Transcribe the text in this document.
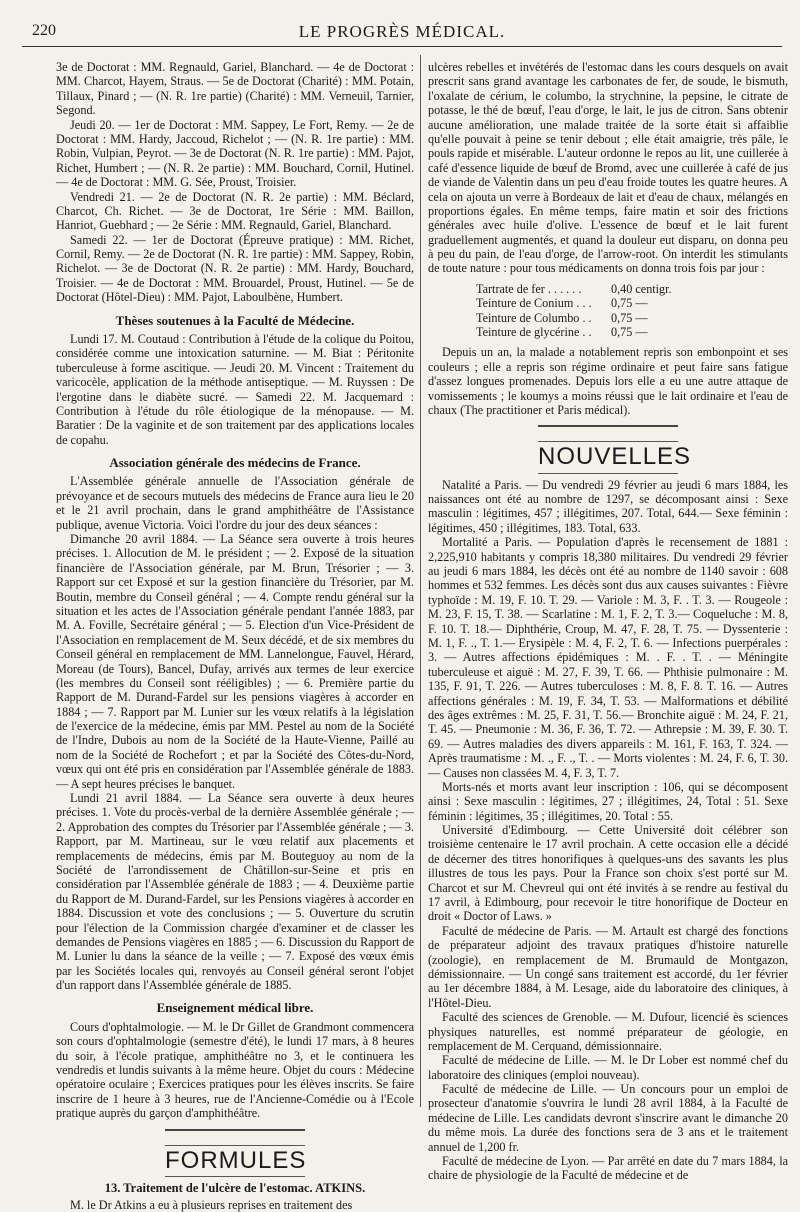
220	LE PROGRÈS MÉDICAL.

3e de Doctorat : MM. Regnauld, Gariel, Blanchard. — 4e de Doctorat : MM. Charcot, Hayem, Straus. — 5e de Doctorat (Charité) : MM. Potain, Tillaux, Pinard ; — (N. R. 1re partie) (Charité) : MM. Verneuil, Tarnier, Segond.

Jeudi 20. — 1er de Doctorat : MM. Sappey, Le Fort, Remy. — 2e de Doctorat : MM. Hardy, Jaccoud, Richelot ; — (N. R. 1re partie) : MM. Robin, Vulpian, Peyrot. — 3e de Doctorat (N. R. 1re partie) : MM. Pajot, Richet, Humbert ; — (N. R. 2e partie) : MM. Bouchard, Cornil, Hutinel. — 4e de Doctorat : MM. G. Sée, Proust, Troisier.

Vendredi 21. — 2e de Doctorat (N. R. 2e partie) : MM. Béclard, Charcot, Ch. Richet. — 3e de Doctorat, 1re Série : MM. Baillon, Hanriot, Guebhard ; — 2e Série : MM. Regnauld, Gariel, Blanchard.

Samedi 22. — 1er de Doctorat (Épreuve pratique) : MM. Richet, Cornil, Remy. — 2e de Doctorat (N. R. 1re partie) : MM. Sappey, Robin, Richelot. — 3e de Doctorat (N. R. 2e partie) : MM. Hardy, Bouchard, Troisier. — 4e de Doctorat : MM. Brouardel, Proust, Hutinel. — 5e de Doctorat (Hôtel-Dieu) : MM. Pajot, Laboulbène, Humbert.

Thèses soutenues à la Faculté de Médecine.

Lundi 17. M. Coutaud : Contribution à l'étude de la colique du Poitou, considérée comme une intoxication saturnine. — M. Biat : Péritonite tuberculeuse à forme ascitique. — Jeudi 20. M. Vincent : Traitement du varicocèle, application de la méthode antiseptique. — M. Ruyssen : De l'ergotine dans le diabète sucré. — Samedi 22. M. Jacquemard : Contribution à l'étude du rôle étiologique de la ménopause. — M. Baratier : De la vaginite et de son traitement par des applications locales de copahu.

Association générale des médecins de France.

L'Assemblée générale annuelle de l'Association générale de prévoyance et de secours mutuels des médecins de France aura lieu le 20 et le 21 avril prochain, dans le grand amphithéâtre de l'Assistance publique, avenue Victoria. Voici l'ordre du jour des deux séances :

Dimanche 20 avril 1884. — La Séance sera ouverte à trois heures précises. 1. Allocution de M. le président ; — 2. Exposé de la situation financière de l'Association générale, par M. Brun, Trésorier ; — 3. Rapport sur cet Exposé et sur la gestion financière du Trésorier, par M. Boutin, membre du Conseil général ; — 4. Compte rendu général sur la situation et les actes de l'Association générale pendant l'année 1883, par M. A. Foville, Secrétaire général ; — 5. Election d'un Vice-Président de l'Association en remplacement de M. Seux décédé, et de six membres du Conseil général en remplacement de MM. Lannelongue, Fauvel, Hérard, Moreau (de Tours), Bancel, Dufay, arrivés aux termes de leur exercice (les membres du Conseil sont rééligibles) ; — 6. Première partie du Rapport de M. Durand-Fardel sur les pensions viagères à accorder en 1884 ; — 7. Rapport par M. Lunier sur les vœux relatifs à la législation de l'exercice de la médecine, émis par MM. Pestel au nom de la Société de l'Indre, Dubois au nom de la Société de la Haute-Vienne, Paillé au nom de la Société de Rochefort ; et par la Société des Côtes-du-Nord, vœux qui ont été pris en considération par l'Assemblée générale de 1883. — A sept heures précises le banquet.

Lundi 21 avril 1884. — La Séance sera ouverte à deux heures précises. 1. Vote du procès-verbal de la dernière Assemblée générale ; — 2. Approbation des comptes du Trésorier par l'Assemblée générale ; — 3. Rapport, par M. Martineau, sur le vœu relatif aux placements et remplacements de médecins, émis par M. Bouteguoy au nom de la Société de l'arrondissement de Châtillon-sur-Seine et pris en considération par l'Assemblée générale de 1883 ; — 4. Deuxième partie du Rapport de M. Durand-Fardel, sur les Pensions viagères à accorder en 1884. Discussion et vote des conclusions ; — 5. Ouverture du scrutin pour l'élection de la Commission chargée d'examiner et de classer les demandes de Pensions viagères en 1885 ; — 6. Discussion du Rapport de M. Lunier lu dans la séance de la veille ; — 7. Exposé des vœux émis par les Sociétés locales qui, renvoyés au Conseil général seront l'objet d'un rapport dans l'Assemblée générale de 1885.

Enseignement médical libre.

Cours d'ophtalmologie. — M. le Dr Gillet de Grandmont commencera son cours d'ophtalmologie (semestre d'été), le lundi 17 mars, à 8 heures du soir, à l'école pratique, amphithéâtre no 3, et le continuera les vendredis et lundis suivants à la même heure. Objet du cours : Médecine opératoire oculaire ; Exercices pratiques pour les élèves inscrits. Se faire inscrire de 1 heure à 3 heures, rue de l'Ancienne-Comédie ou à l'Ecole pratique auprès du garçon d'amphithéâtre.

FORMULES
13. Traitement de l'ulcère de l'estomac. ATKINS.

M. le Dr Atkins a eu à plusieurs reprises en traitement des

ulcères rebelles et invétérés de l'estomac dans les cours desquels on avait prescrit sans grand avantage les carbonates de fer, de soude, le bismuth, l'oxalate de cérium, le columbo, la strychnine, la pepsine, le citrate de potasse, le thé de bœuf, l'eau d'orge, le lait, le jus de citron. Sans obtenir aucune amélioration, une malade traitée de la sorte était si affaiblie qu'elle pouvait à peine se tenir debout ; elle était amaigrie, très pâle, le pouls rapide et misérable. L'auteur ordonne le repos au lit, une cuillerée à café d'essence liquide de bœuf de Bromd, avec une cuillerée à café de jus de viande de Valentin dans un peu d'eau froide toutes les quatre heures. A cela on ajouta un verre à Bordeaux de lait et d'eau de chaux, mélangés en proportions égales. En même temps, faire matin et soir des frictions générales avec huile d'olive. L'essence de bœuf et le lait furent graduellement augmentés, et quand la douleur eut disparu, on donna peu à peu du pain, de l'eau d'orge, de l'arrow-root. On interdit les stimulants de toute nature : pour tous médicaments on donna trois fois par jour :

Tartrate de fer . . . . . .	0,40 centigr.
Teinture de Conium . . .	0,75 —
Teinture de Columbo . .	0,75 —
Teinture de glycérine . .	0,75 —

Depuis un an, la malade a notablement repris son embonpoint et ses couleurs ; elle a repris son régime ordinaire et peut faire sans fatigue d'assez longues promenades. Depuis lors elle a eu une autre attaque de vomissements ; le koumys a moins réussi que le lait ordinaire et l'eau de chaux (The practitioner et Paris médical).

NOUVELLES

Natalité a Paris. — Du vendredi 29 février au jeudi 6 mars 1884, les naissances ont été au nombre de 1297, se décomposant ainsi : Sexe masculin : légitimes, 457 ; illégitimes, 207. Total, 644.— Sexe féminin : légitimes, 450 ; illégitimes, 183. Total, 633.

Mortalité a Paris. — Population d'après le recensement de 1881 : 2,225,910 habitants y compris 18,380 militaires. Du vendredi 29 février au jeudi 6 mars 1884, les décès ont été au nombre de 1140 savoir : 608 hommes et 532 femmes. Les décès sont dus aux causes suivantes : Fièvre typhoïde : M. 19, F. 10. T. 29. — Variole : M. 3, F. . T. 3. — Rougeole : M. 23, F. 15, T. 38. — Scarlatine : M. 1, F. 2, T. 3.— Coqueluche : M. 8, F. 10. T. 18.— Diphthérie, Croup, M. 47, F. 28, T. 75. — Dyssenterie : M. 1, F. ., T. 1.— Erysipèle : M. 4, F. 2, T. 6. — Infections puerpérales : 3. — Autres affections épidémiques : M. . F. . T. . — Méningite tuberculeuse et aiguë : M. 27, F. 39, T. 66. — Phthisie pulmonaire : M. 135, F. 91, T. 226. — Autres tuberculoses : M. 8, F. 8. T. 16. — Autres affections générales : M. 19, F. 34, T. 53. — Malformations et débilité des âges extrêmes : M. 25, F. 31, T. 56.— Bronchite aiguë : M. 24, F. 21, T. 45. — Pneumonie : M. 36, F. 36, T. 72. — Athrepsie : M. 39, F. 30. T. 69. — Autres maladies des divers appareils : M. 161, F. 163, T. 324. — Après traumatisme : M. ., F. ., T. . — Morts violentes : M. 24, F. 6, T. 30. — Causes non classées M. 4, F. 3, T. 7.

Morts-nés et morts avant leur inscription : 106, qui se décomposent ainsi : Sexe masculin : légitimes, 27 ; illégitimes, 24, Total : 51. Sexe féminin : légitimes, 35 ; illégitimes, 20. Total : 55.

Université d'Edimbourg. — Cette Université doit célébrer son troisième centenaire le 17 avril prochain. A cette occasion elle a décidé de décerner des titres honorifiques à quelques-uns des savants les plus illustres de tous les pays. Pour la France son choix s'est porté sur M. Charcot et sur M. Chevreul qui ont été invités à se rendre au festival du 17 avril, à Edimbourg, pour recevoir le titre honorifique de Docteur en droit « Doctor of Laws. »

Faculté de médecine de Paris. — M. Artault est chargé des fonctions de préparateur adjoint des travaux pratiques d'histoire naturelle (zoologie), en remplacement de M. Brumauld de Montgazon, démissionnaire. — Un congé sans traitement est accordé, du 1er février au 1er décembre 1884, à M. Lesage, aide du laboratoire des cliniques, à l'Hôtel-Dieu.

Faculté des sciences de Grenoble. — M. Dufour, licencié ès sciences physiques naturelles, est nommé préparateur de géologie, en remplacement de M. Cerquand, démissionnaire.

Faculté de médecine de Lille. — M. le Dr Lober est nommé chef du laboratoire des cliniques (emploi nouveau).

Faculté de médecine de Lille. — Un concours pour un emploi de prosecteur d'anatomie s'ouvrira le lundi 28 avril 1884, à la Faculté de médecine de Lille. Les candidats devront s'inscrire avant le dimanche 20 du même mois. La durée des fonctions sera de 3 ans et le traitement annuel de 1,200 fr.

Faculté de médecine de Lyon. — Par arrêté en date du 7 mars 1884, la chaire de physiologie de la Faculté de médecine et de
